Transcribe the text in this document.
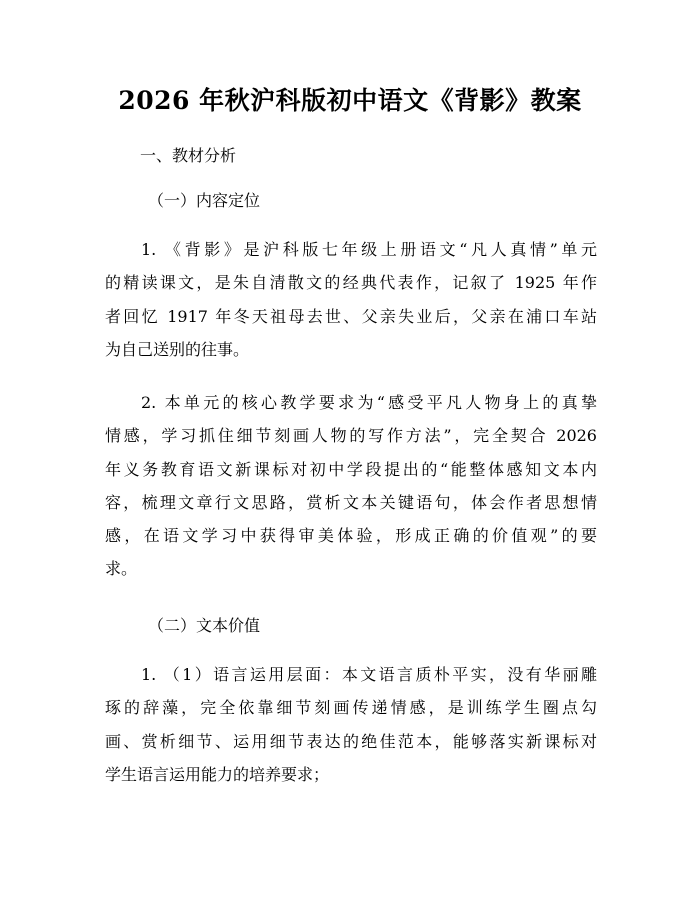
2026 年秋沪科版初中语文《背影》教案
一、教材分析
（一）内容定位
1. 《背影》是沪科版七年级上册语文“凡人真情”单元
的精读课文，是朱自清散文的经典代表作，记叙了 1925 年作
者回忆 1917 年冬天祖母去世、父亲失业后，父亲在浦口车站
为自己送别的往事。
2. 本单元的核心教学要求为“感受平凡人物身上的真挚
情感，学习抓住细节刻画人物的写作方法”，完全契合 2026
年义务教育语文新课标对初中学段提出的“能整体感知文本内
容，梳理文章行文思路，赏析文本关键语句，体会作者思想情
感，在语文学习中获得审美体验，形成正确的价值观”的要
求。
（二）文本价值
1. （1）语言运用层面：本文语言质朴平实，没有华丽雕
琢的辞藻，完全依靠细节刻画传递情感，是训练学生圈点勾
画、赏析细节、运用细节表达的绝佳范本，能够落实新课标对
学生语言运用能力的培养要求；
